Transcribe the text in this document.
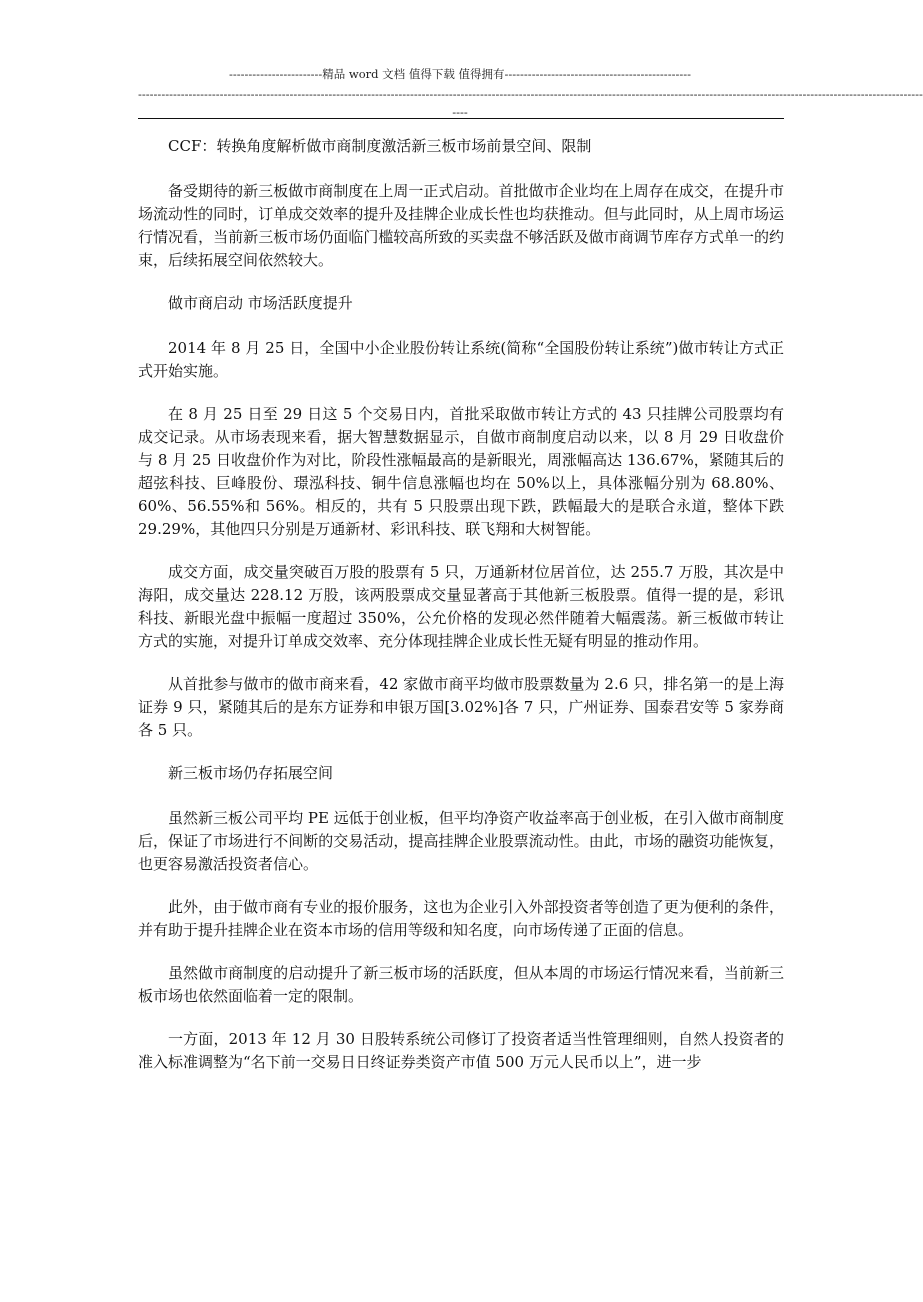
------------------------精品 word 文档 值得下载 值得拥有------------------------------------------------
----------------------------------------------------------------------------------------------------------------------------------------------------------------------------------------------------------
----

CCF：转换角度解析做市商制度激活新三板市场前景空间、限制

备受期待的新三板做市商制度在上周一正式启动。首批做市企业均在上周存在成交，在提升市场流动性的同时，订单成交效率的提升及挂牌企业成长性也均获推动。但与此同时，从上周市场运行情况看，当前新三板市场仍面临门槛较高所致的买卖盘不够活跃及做市商调节库存方式单一的约束，后续拓展空间依然较大。

做市商启动 市场活跃度提升

2014 年 8 月 25 日，全国中小企业股份转让系统(简称“全国股份转让系统”)做市转让方式正式开始实施。

在 8 月 25 日至 29 日这 5 个交易日内，首批采取做市转让方式的 43 只挂牌公司股票均有成交记录。从市场表现来看，据大智慧数据显示，自做市商制度启动以来，以 8 月 29 日收盘价与 8 月 25 日收盘价作为对比，阶段性涨幅最高的是新眼光，周涨幅高达 136.67%，紧随其后的超弦科技、巨峰股份、璟泓科技、铜牛信息涨幅也均在 50%以上，具体涨幅分别为 68.80%、60%、56.55%和 56%。相反的，共有 5 只股票出现下跌，跌幅最大的是联合永道，整体下跌 29.29%，其他四只分别是万通新材、彩讯科技、联飞翔和大树智能。

成交方面，成交量突破百万股的股票有 5 只，万通新材位居首位，达 255.7 万股，其次是中海阳，成交量达 228.12 万股，该两股票成交量显著高于其他新三板股票。值得一提的是，彩讯科技、新眼光盘中振幅一度超过 350%，公允价格的发现必然伴随着大幅震荡。新三板做市转让方式的实施，对提升订单成交效率、充分体现挂牌企业成长性无疑有明显的推动作用。

从首批参与做市的做市商来看，42 家做市商平均做市股票数量为 2.6 只，排名第一的是上海证券 9 只，紧随其后的是东方证券和申银万国[3.02%]各 7 只，广州证券、国泰君安等 5 家券商各 5 只。

新三板市场仍存拓展空间

虽然新三板公司平均 PE 远低于创业板，但平均净资产收益率高于创业板，在引入做市商制度后，保证了市场进行不间断的交易活动，提高挂牌企业股票流动性。由此，市场的融资功能恢复，也更容易激活投资者信心。

此外，由于做市商有专业的报价服务，这也为企业引入外部投资者等创造了更为便利的条件，并有助于提升挂牌企业在资本市场的信用等级和知名度，向市场传递了正面的信息。

虽然做市商制度的启动提升了新三板市场的活跃度，但从本周的市场运行情况来看，当前新三板市场也依然面临着一定的限制。

一方面，2013 年 12 月 30 日股转系统公司修订了投资者适当性管理细则，自然人投资者的准入标准调整为“名下前一交易日日终证券类资产市值 500 万元人民币以上”，进一步
